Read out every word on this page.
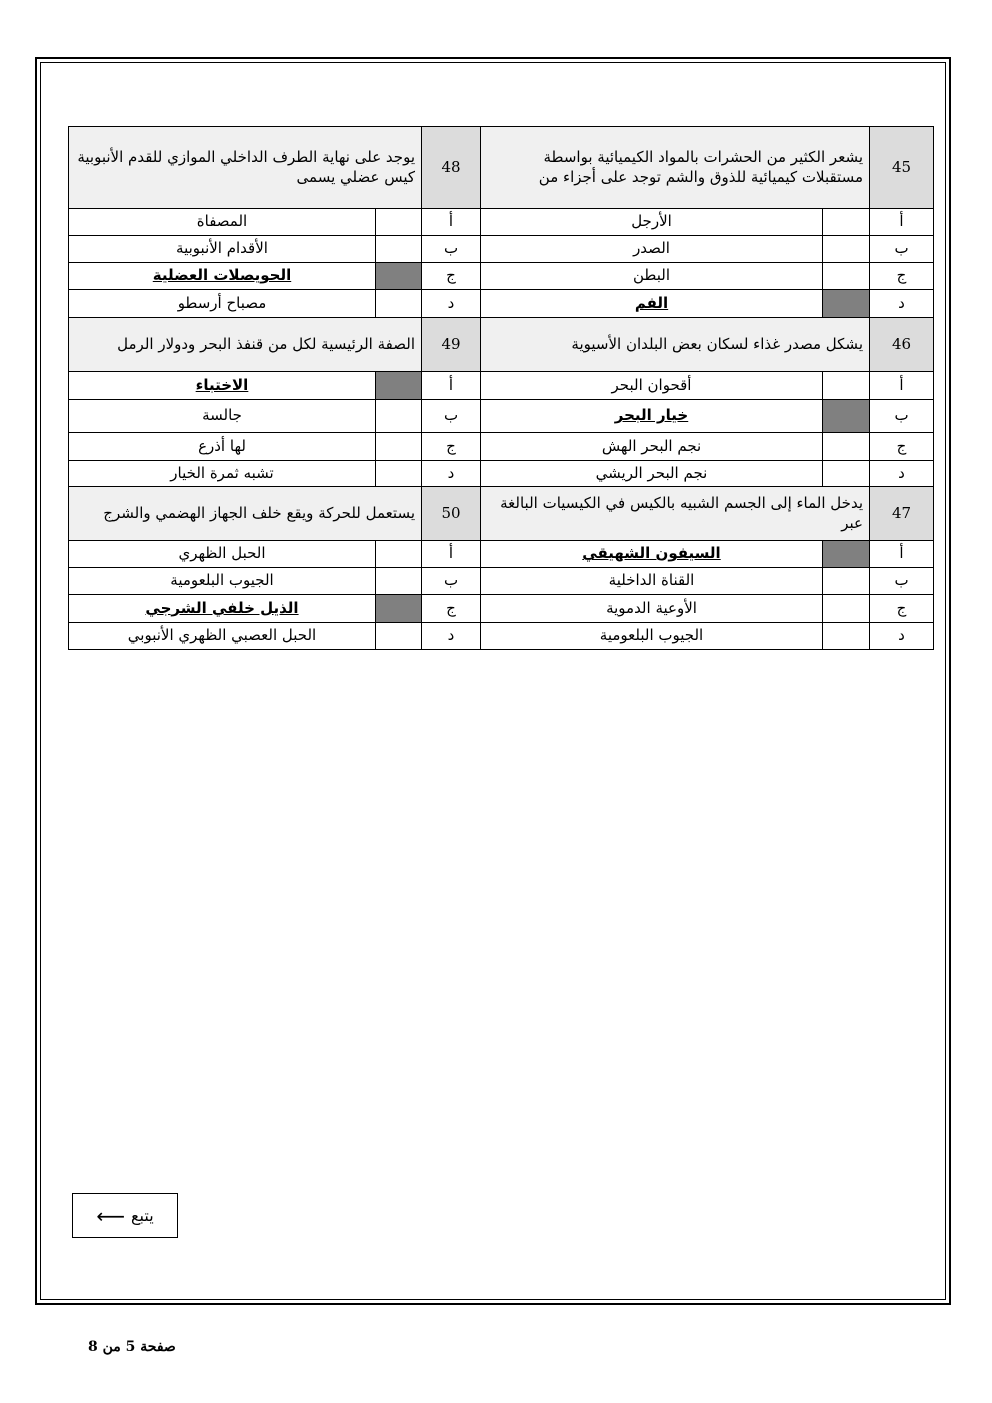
يوجد على نهاية الطرف الداخلي الموازي للقدم الأنبوبية كيس عضلي يسمى		48	يشعر الكثير من الحشرات بالمواد الكيميائية بواسطة مستقبلات كيميائية للذوق والشم توجد على أجزاء من		45
المصفاة		أ	الأرجل		أ
الأقدام الأنبوبية		ب	الصدر		ب
الحويصلات العضلية		ج	البطن		ج
مصباح أرسطو		د	الفم		د
الصفة الرئيسية لكل من قنفذ البحر ودولار الرمل		49	يشكل مصدر غذاء لسكان بعض البلدان الأسيوية		46
الاختباء		أ	أقحوان البحر		أ
جالسة		ب	خيار البحر		ب
لها أذرع		ج	نجم البحر الهش		ج
تشبه ثمرة الخيار		د	نجم البحر الريشي		د
يستعمل للحركة ويقع خلف الجهاز الهضمي والشرج		50	يدخل الماء إلى الجسم الشبيه بالكيس في الكيسيات البالغة عبر		47
الحبل الظهري		أ	السيفون الشهيقي		أ
الجيوب البلعومية		ب	القناة الداخلية		ب
الذيل خلفي الشرجي		ج	الأوعية الدموية		ج
الحبل العصبي الظهري الأنبوبي		د	الجيوب البلعومية		د
⟵ يتبع
صفحة 5 من 8
